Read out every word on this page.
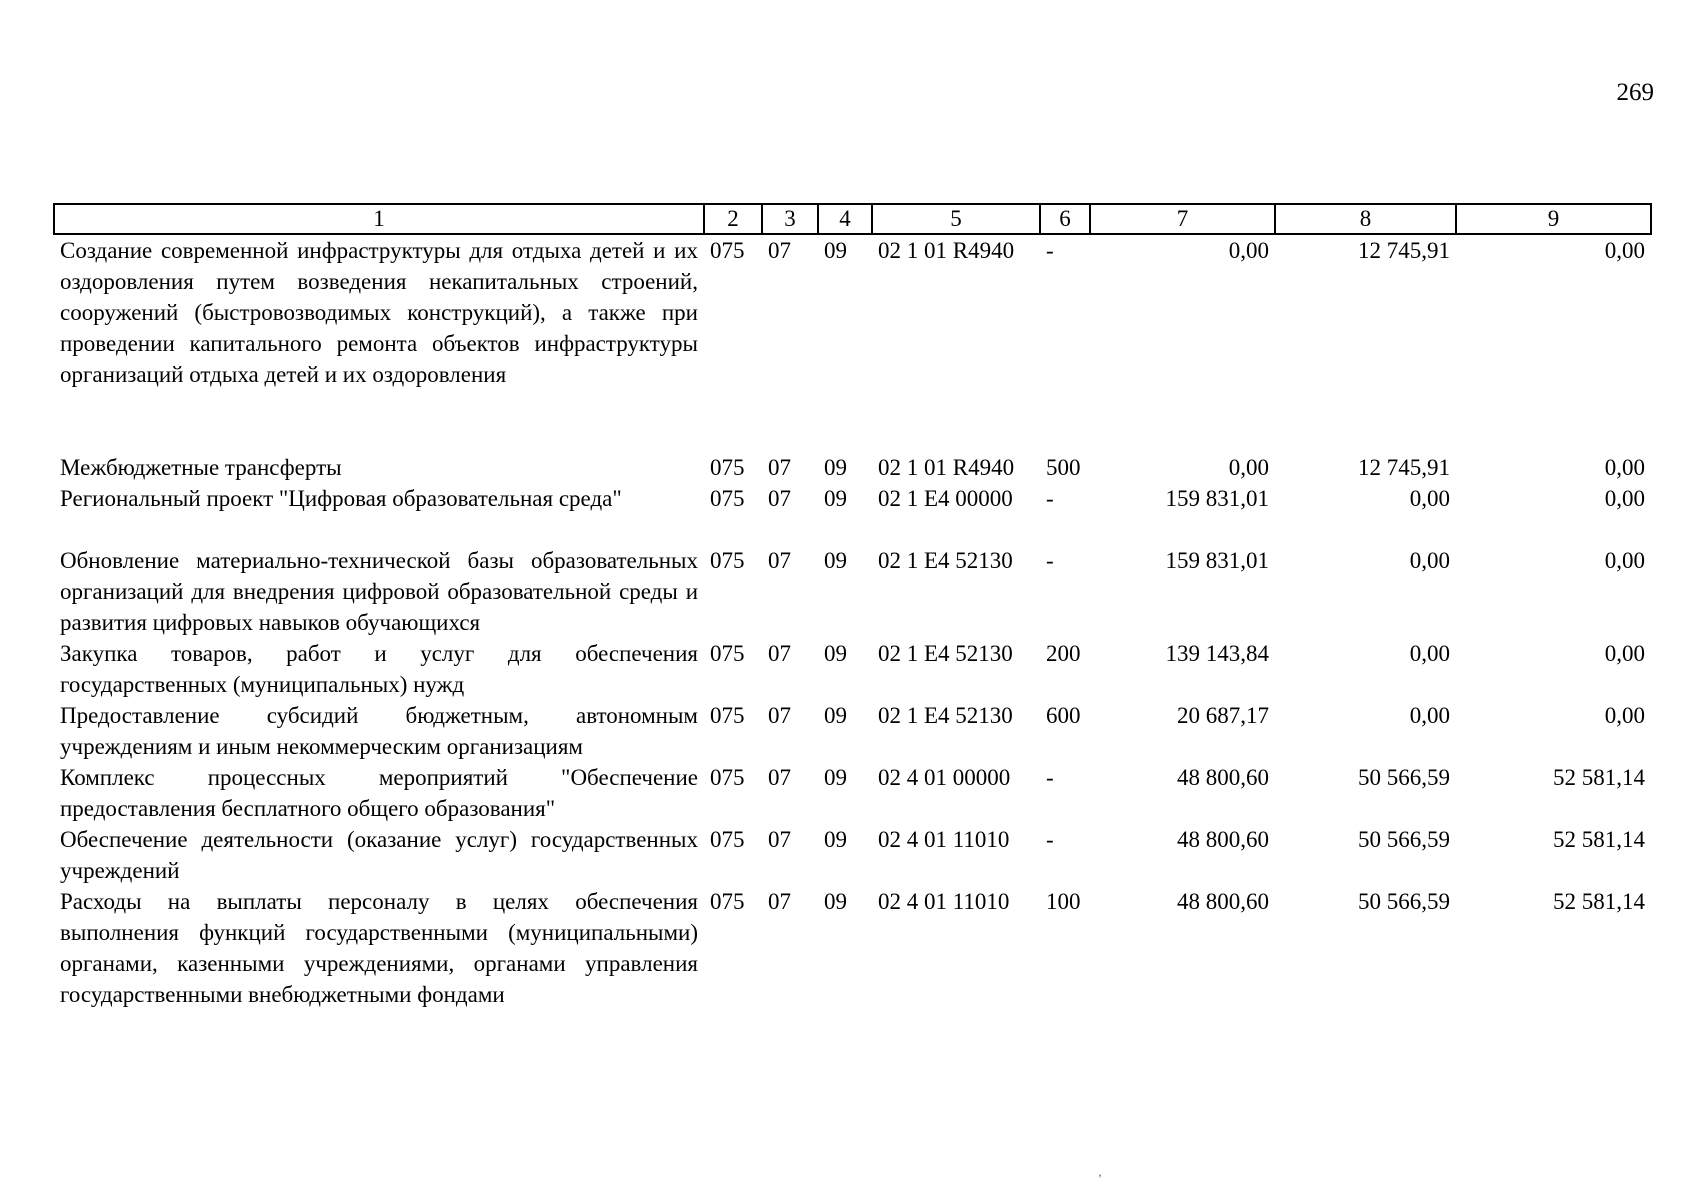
269
1	2	3	4	5	6	7	8	9
Создание современной инфраструктуры для отдыха детей и их оздоровления путем возведения некапитальных строений, сооружений (быстровозводимых конструкций), а также при проведении капитального ремонта объектов инфраструктуры организаций отдыха детей и их оздоровления	075	07	09	02 1 01 R4940	-	0,00	12 745,91	0,00
Межбюджетные трансферты	075	07	09	02 1 01 R4940	500	0,00	12 745,91	0,00
Региональный проект "Цифровая образовательная среда"	075	07	09	02 1 E4 00000	-	159 831,01	0,00	0,00
Обновление материально-технической базы образовательных организаций для внедрения цифровой образовательной среды и развития цифровых навыков обучающихся	075	07	09	02 1 E4 52130	-	159 831,01	0,00	0,00
Закупка товаров, работ и услуг для обеспечения государственных (муниципальных) нужд	075	07	09	02 1 E4 52130	200	139 143,84	0,00	0,00
Предоставление субсидий бюджетным, автономным учреждениям и иным некоммерческим организациям	075	07	09	02 1 E4 52130	600	20 687,17	0,00	0,00
Комплекс процессных мероприятий "Обеспечение предоставления бесплатного общего образования"	075	07	09	02 4 01 00000	-	48 800,60	50 566,59	52 581,14
Обеспечение деятельности (оказание услуг) государственных учреждений	075	07	09	02 4 01 11010	-	48 800,60	50 566,59	52 581,14
Расходы на выплаты персоналу в целях обеспечения выполнения функций государственными (муниципальными) органами, казенными учреждениями, органами управления государственными внебюджетными фондами	075	07	09	02 4 01 11010	100	48 800,60	50 566,59	52 581,14
’
